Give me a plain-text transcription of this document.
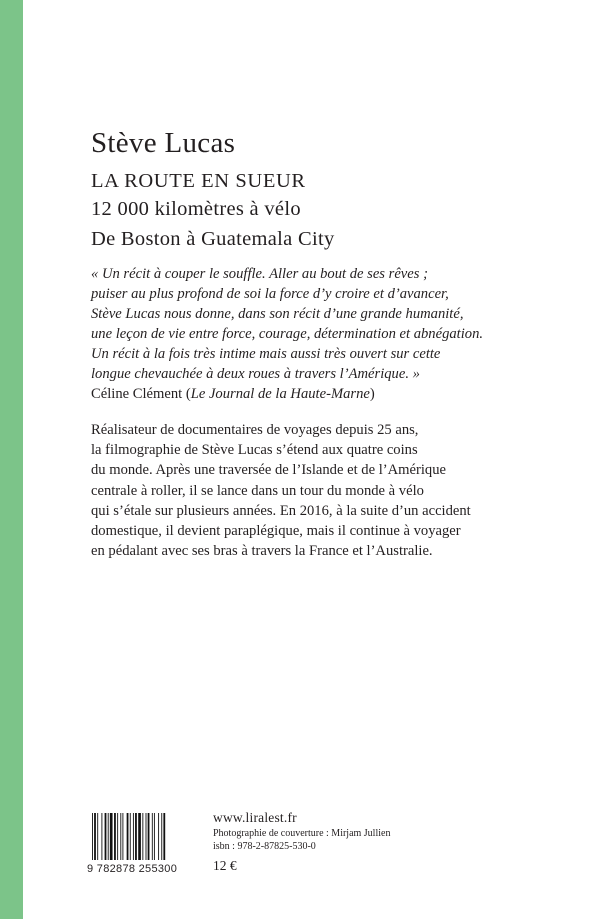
Stève Lucas
LA ROUTE EN SUEUR
12 000 kilomètres à vélo
De Boston à Guatemala City

« Un récit à couper le souffle. Aller au bout de ses rêves ;

puiser au plus profond de soi la force d’y croire et d’avancer,

Stève Lucas nous donne, dans son récit d’une grande humanité,

une leçon de vie entre force, courage, détermination et abnégation.

Un récit à la fois très intime mais aussi très ouvert sur cette

longue chevauchée à deux roues à travers l’Amérique. »

Céline Clément (Le Journal de la Haute-Marne)

Réalisateur de documentaires de voyages depuis 25 ans,

la filmographie de Stève Lucas s’étend aux quatre coins

du monde. Après une traversée de l’Islande et de l’Amérique

centrale à roller, il se lance dans un tour du monde à vélo

qui s’étale sur plusieurs années. En 2016, à la suite d’un accident

domestique, il devient paraplégique, mais il continue à voyager

en pédalant avec ses bras à travers la France et l’Australie.

9 782878 255300

www.liralest.fr

Photographie de couverture : Mirjam Jullien

isbn : 978-2-87825-530-0

12 €
